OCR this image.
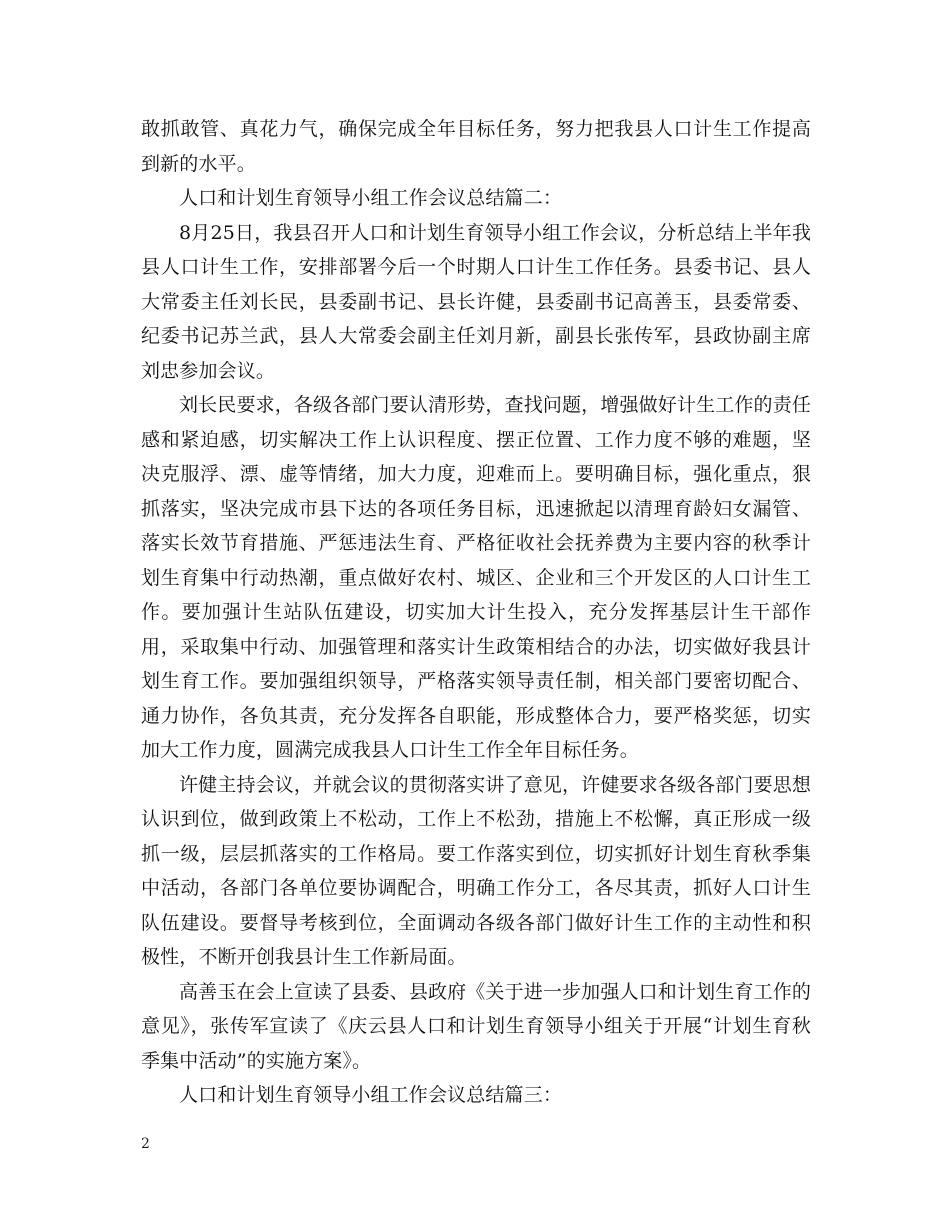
敢抓敢管、真花力气，确保完成全年目标任务，努力把我县人口计生工作提高到新的水平。

人口和计划生育领导小组工作会议总结篇二：

8月25日，我县召开人口和计划生育领导小组工作会议，分析总结上半年我县人口计生工作，安排部署今后一个时期人口计生工作任务。县委书记、县人大常委主任刘长民，县委副书记、县长许健，县委副书记高善玉，县委常委、纪委书记苏兰武，县人大常委会副主任刘月新，副县长张传军，县政协副主席刘忠参加会议。

刘长民要求，各级各部门要认清形势，查找问题，增强做好计生工作的责任感和紧迫感，切实解决工作上认识程度、摆正位置、工作力度不够的难题，坚决克服浮、漂、虚等情绪，加大力度，迎难而上。要明确目标，强化重点，狠抓落实，坚决完成市县下达的各项任务目标，迅速掀起以清理育龄妇女漏管、落实长效节育措施、严惩违法生育、严格征收社会抚养费为主要内容的秋季计划生育集中行动热潮，重点做好农村、城区、企业和三个开发区的人口计生工作。要加强计生站队伍建设，切实加大计生投入，充分发挥基层计生干部作用，采取集中行动、加强管理和落实计生政策相结合的办法，切实做好我县计划生育工作。要加强组织领导，严格落实领导责任制，相关部门要密切配合、通力协作，各负其责，充分发挥各自职能，形成整体合力，要严格奖惩，切实加大工作力度，圆满完成我县人口计生工作全年目标任务。

许健主持会议，并就会议的贯彻落实讲了意见，许健要求各级各部门要思想认识到位，做到政策上不松动，工作上不松劲，措施上不松懈，真正形成一级抓一级，层层抓落实的工作格局。要工作落实到位，切实抓好计划生育秋季集中活动，各部门各单位要协调配合，明确工作分工，各尽其责，抓好人口计生队伍建设。要督导考核到位，全面调动各级各部门做好计生工作的主动性和积极性，不断开创我县计生工作新局面。

高善玉在会上宣读了县委、县政府《关于进一步加强人口和计划生育工作的意见》，张传军宣读了《庆云县人口和计划生育领导小组关于开展“计划生育秋季集中活动”的实施方案》。

人口和计划生育领导小组工作会议总结篇三：

2
